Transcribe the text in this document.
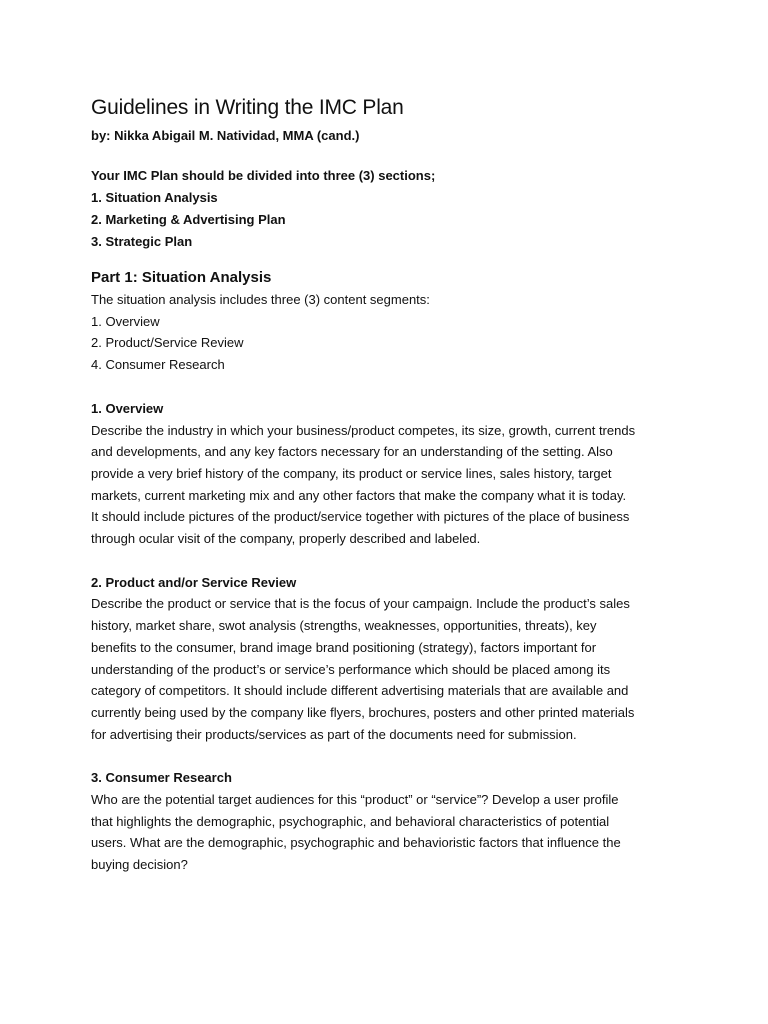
Guidelines in Writing the IMC Plan
by: Nikka Abigail M. Natividad, MMA (cand.)
Your IMC Plan should be divided into three (3) sections;
1. Situation Analysis
2. Marketing & Advertising Plan
3. Strategic Plan
Part 1: Situation Analysis
The situation analysis includes three (3) content segments:
1. Overview
2. Product/Service Review
4. Consumer Research
1. Overview

Describe the industry in which your business/product competes, its size, growth, current trends
and developments, and any key factors necessary for an understanding of the setting. Also
provide a very brief history of the company, its product or service lines, sales history, target
markets, current marketing mix and any other factors that make the company what it is today.
It should include pictures of the product/service together with pictures of the place of business
through ocular visit of the company, properly described and labeled.

2. Product and/or Service Review

Describe the product or service that is the focus of your campaign. Include the product’s sales
history, market share, swot analysis (strengths, weaknesses, opportunities, threats), key
benefits to the consumer, brand image brand positioning (strategy), factors important for
understanding of the product’s or service’s performance which should be placed among its
category of competitors. It should include different advertising materials that are available and
currently being used by the company like flyers, brochures, posters and other printed materials
for advertising their products/services as part of the documents need for submission.

3. Consumer Research

Who are the potential target audiences for this “product” or “service”? Develop a user profile
that highlights the demographic, psychographic, and behavioral characteristics of potential
users. What are the demographic, psychographic and behavioristic factors that influence the
buying decision?
